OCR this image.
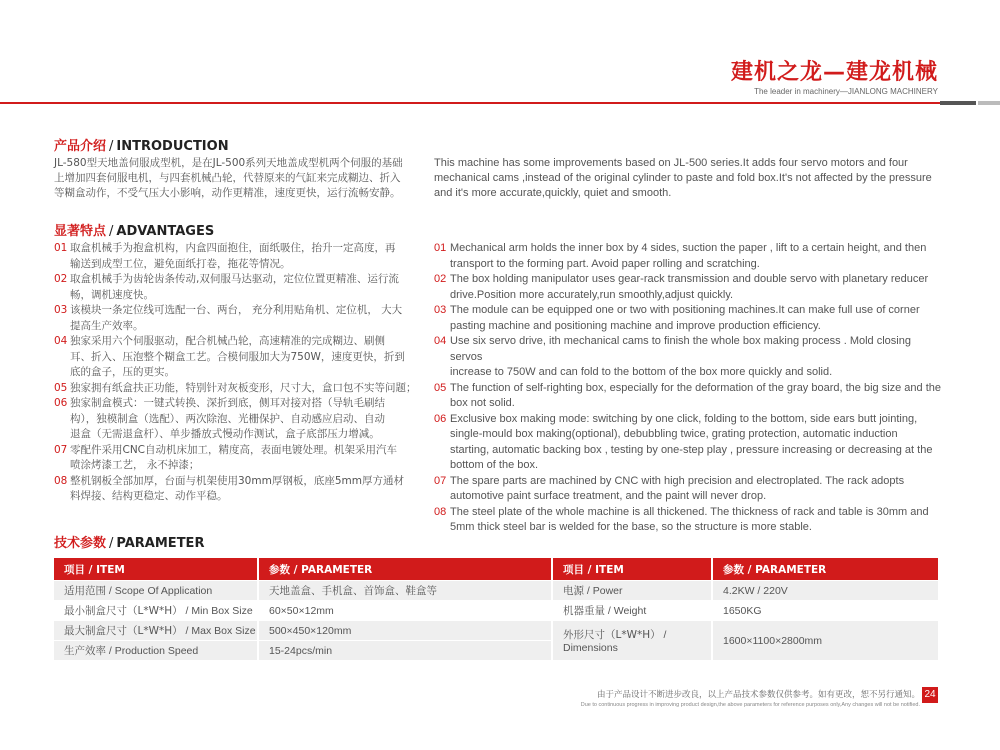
建机之龙—建龙机械
The leader in machinery—JIANLONG MACHINERY
产品介绍 / INTRODUCTION
JL-580型天地盖伺服成型机，是在JL-500系列天地盖成型机两个伺服的基础
上增加四套伺服电机，与四套机械凸轮，代替原来的气缸来完成糊边、折入
等糊盒动作，不受气压大小影响，动作更精准，速度更快，运行流畅安静。
This machine has some improvements based on JL-500 series.It adds four servo motors and four
mechanical cams ,instead of the original cylinder to paste and fold box.It's not affected by the pressure
and it's more accurate,quickly, quiet and smooth.
显著特点 / ADVANTAGES
01 取盒机械手为抱盒机构，内盒四面抱住，面纸吸住，抬升一定高度，再
输送到成型工位，避免面纸打卷，拖花等情况。
02 取盒机械手为齿轮齿条传动,双伺服马达驱动，定位位置更精准、运行流
畅，调机速度快。
03 该模块一条定位线可选配一台、两台， 充分利用贴角机、定位机， 大大
提高生产效率。
04 独家采用六个伺服驱动，配合机械凸轮，高速精准的完成糊边、刷侧
耳、折入、压泡整个糊盒工艺。合模伺服加大为750W，速度更快，折到
底的盒子，压的更实。
05 独家拥有纸盒扶正功能，特别针对灰板变形，尺寸大，盒口包不实等问题；
06 独家制盒模式：一键式转换、深折到底，侧耳对接对搭（导轨毛刷结
构），独模制盒（选配）、两次除泡、光栅保护、自动感应启动、自动
退盒（无需退盒杆）、单步播放式慢动作测试，盒子底部压力增减。
07 零配件采用CNC自动机床加工，精度高，表面电镀处理。机架采用汽车
喷涂烤漆工艺， 永不掉漆；
08 整机钢板全部加厚，台面与机架使用30mm厚钢板，底座5mm厚方通材
料焊接、结构更稳定、动作平稳。
01 Mechanical arm holds the inner box by 4 sides, suction the paper , lift to a certain height, and then
transport to the forming part. Avoid paper rolling and scratching.
02 The box holding manipulator uses gear-rack transmission and double servo with planetary reducer
drive.Position more accurately,run smoothly,adjust quickly.
03 The module can be equipped one or two with positioning machines.It can make full use of corner
pasting machine and positioning machine and improve production efficiency.
04 Use six servo drive, ith mechanical cams to finish the whole box making process . Mold closing servos
increase to 750W and can fold to the bottom of the box more quickly and solid.
05 The function of self-righting box, especially for the deformation of the gray board, the big size and the
box not solid.
06 Exclusive box making mode: switching by one click, folding to the bottom, side ears butt jointing,
single-mould box making(optional), debubbling twice, grating protection, automatic induction
starting, automatic backing box , testing by one-step play , pressure increasing or decreasing at the
bottom of the box.
07 The spare parts are machined by CNC with high precision and electroplated. The rack adopts
automotive paint surface treatment, and the paint will never drop.
08 The steel plate of the whole machine is all thickened. The thickness of rack and table is 30mm and
5mm thick steel bar is welded for the base, so the structure is more stable.
技术参数 / PARAMETER
项目 / ITEM	参数 / PARAMETER	项目 / ITEM	参数 / PARAMETER
适用范围 / Scope Of Application	天地盖盒、手机盒、首饰盒、鞋盒等	电源 / Power	4.2KW / 220V
最小制盒尺寸（L*W*H） / Min Box Size	60×50×12mm	机器重量 / Weight	1650KG
最大制盒尺寸（L*W*H） / Max Box Size	500×450×120mm	外形尺寸（L*W*H） / Dimensions	1600×1100×2800mm
生产效率 / Production Speed	15-24pcs/min		
由于产品设计不断进步改良，以上产品技术参数仅供参考。如有更改，恕不另行通知。
Due to continuous progress in improving product design,the above parameters for reference purposes only,Any changes will not be notified.
24
